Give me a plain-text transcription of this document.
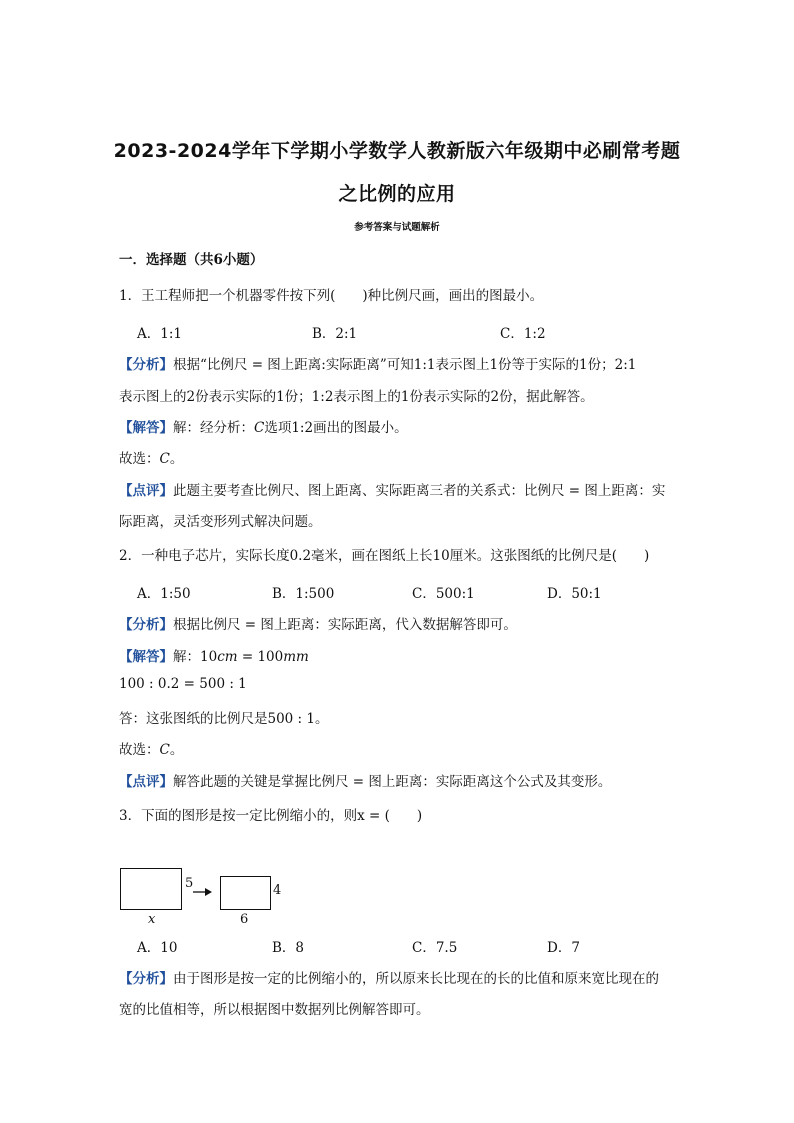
2023-2024学年下学期小学数学人教新版六年级期中必刷常考题
之比例的应用
参考答案与试题解析
一．选择题（共6小题）
1．王工程师把一个机器零件按下列(　　)种比例尺画，画出的图最小。
A．1:1	B．2:1	C．1:2
【分析】根据“比例尺 = 图上距离:实际距离”可知1:1表示图上1份等于实际的1份；2:1
表示图上的2份表示实际的1份；1:2表示图上的1份表示实际的2份，据此解答。
【解答】解：经分析：C选项1:2画出的图最小。
故选：C。
【点评】此题主要考查比例尺、图上距离、实际距离三者的关系式：比例尺 = 图上距离：实
际距离，灵活变形列式解决问题。
2．一种电子芯片，实际长度0.2毫米，画在图纸上长10厘米。这张图纸的比例尺是(　　)
A．1:50	B．1:500	C．500:1	D．50:1
【分析】根据比例尺 = 图上距离：实际距离，代入数据解答即可。
【解答】解：10cm = 100mm
100 : 0.2 = 500 : 1
答：这张图纸的比例尺是500 : 1。
故选：C。
【点评】解答此题的关键是掌握比例尺 = 图上距离：实际距离这个公式及其变形。
3．下面的图形是按一定比例缩小的，则x = (　　)
5
x
4
6
A．10	B．8	C．7.5	D．7
【分析】由于图形是按一定的比例缩小的，所以原来长比现在的长的比值和原来宽比现在的
宽的比值相等，所以根据图中数据列比例解答即可。
